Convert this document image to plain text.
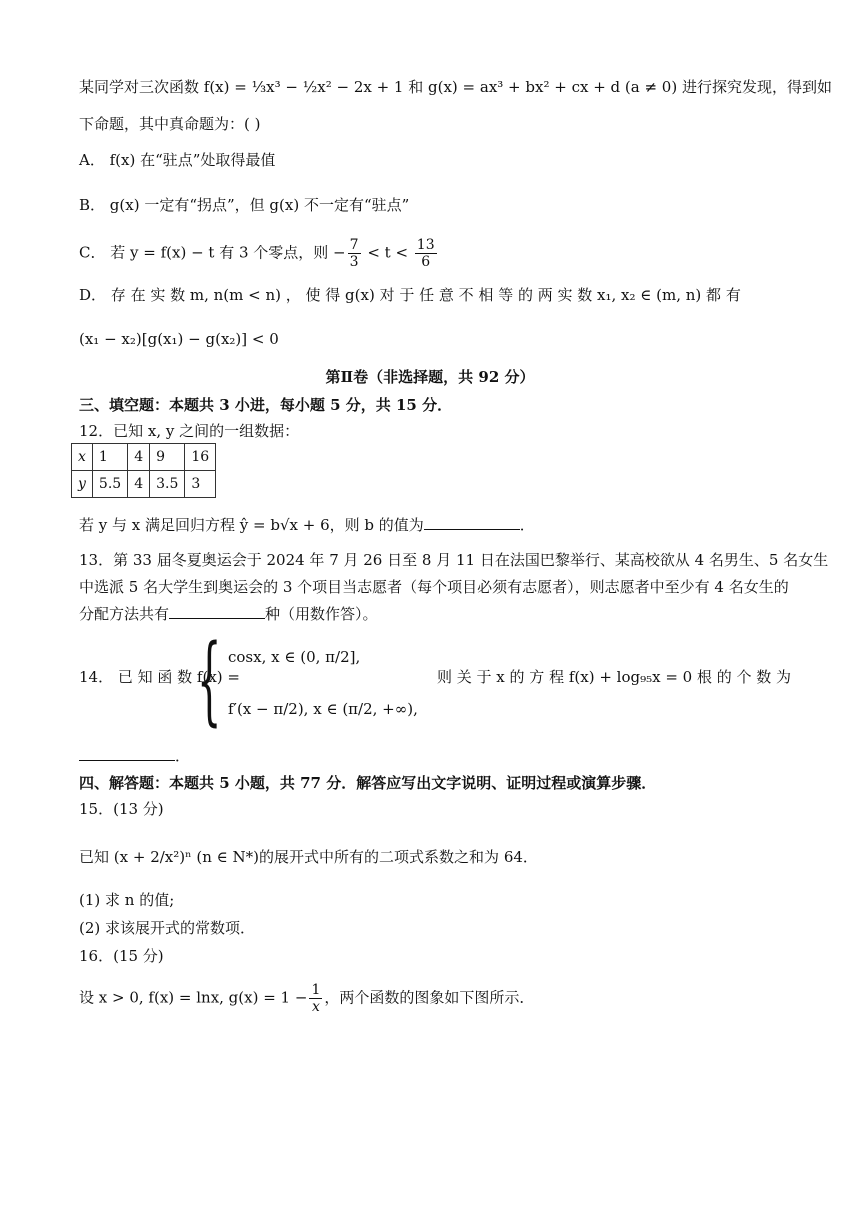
某同学对三次函数 f(x) = ⅓x³ − ½x² − 2x + 1 和 g(x) = ax³ + bx² + cx + d (a ≠ 0) 进行探究发现，得到如
下命题，其中真命题为：( )
A． f(x) 在“驻点”处取得最值
B． g(x) 一定有“拐点”，但 g(x) 不一定有“驻点”
C． 若 y = f(x) − t 有 3 个零点，则 − $\frac{7}{3} < t < \frac{13}{6}$
D． 存 在 实 数 m, n(m < n) ， 使 得 g(x) 对 于 任 意 不 相 等 的 两 实 数 x₁, x₂ ∈ (m, n) 都 有
(x₁ − x₂)[g(x₁) − g(x₂)] < 0
第Ⅱ卷（非选择题，共 92 分）
三、填空题：本题共 3 小进，每小题 5 分，共 15 分．
12．已知 x, y 之间的一组数据：
x	1	4	9	16
y	5.5	4	3.5	3
若 y 与 x 满足回归方程 ŷ = b√x + 6，则 b 的值为	．
13．第 33 届冬夏奥运会于 2024 年 7 月 26 日至 8 月 11 日在法国巴黎举行、某高校欲从 4 名男生、5 名女生
中选派 5 名大学生到奥运会的 3 个项目当志愿者（每个项目必须有志愿者），则志愿者中至少有 4 名女生的
分配方法共有	种（用数作答）。
14． 已 知 函 数 f(x) =
{ cosx, x ∈ (0, π/2],
f′(x − π/2), x ∈ (π/2, +∞),
则 关 于 x 的 方 程 f(x) + log₉₅x = 0 根 的 个 数 为
．
四、解答题：本题共 5 小题，共 77 分．解答应写出文字说明、证明过程或演算步骤．
15．(13 分)
已知 (x + 2/x²)ⁿ (n ∈ N*)的展开式中所有的二项式系数之和为 64．
(1) 求 n 的值;
(2) 求该展开式的常数项．
16．(15 分)
设 x > 0, f(x) = lnx, $g(x) = 1 - \frac{1}{x}$ ，两个函数的图象如下图所示．
